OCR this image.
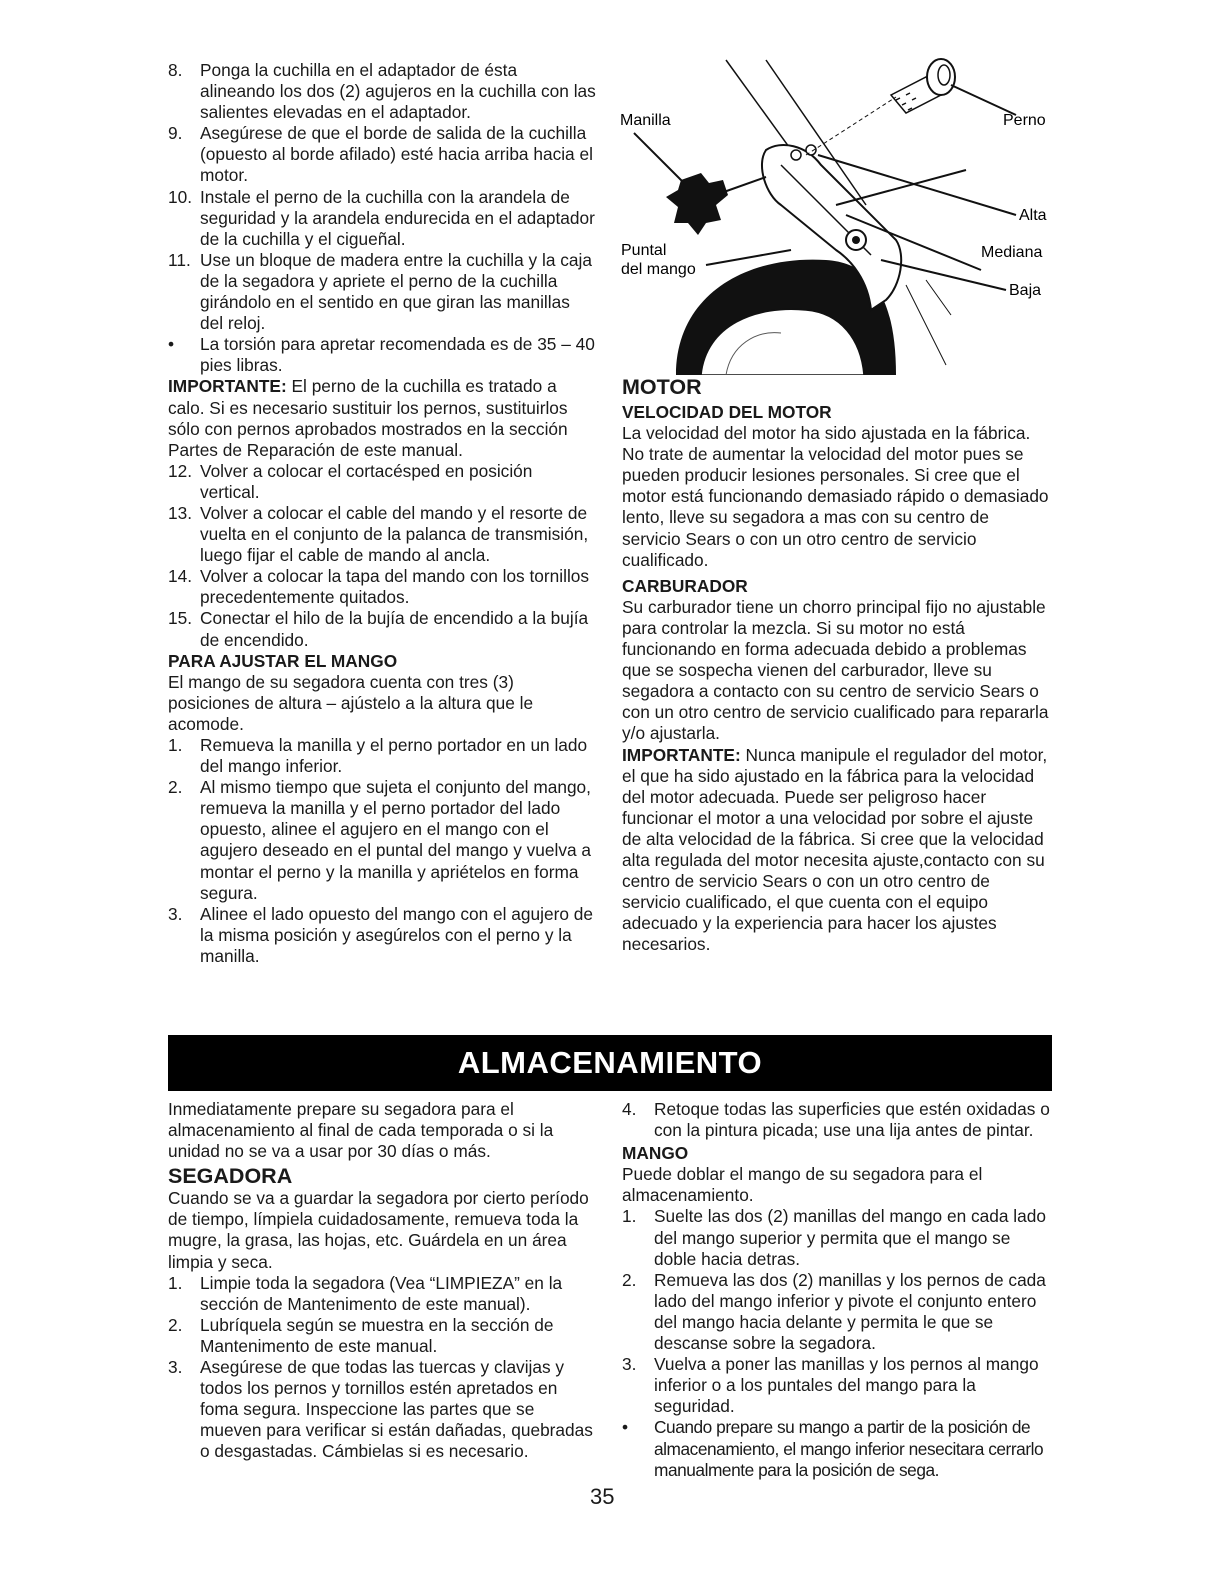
8. Ponga la cuchilla en el adaptador de ésta alineando los dos (2) agujeros en la cuchilla con las salientes elevadas en el adaptador.

9. Asegúrese de que el borde de salida de la cuchilla (opuesto al borde afilado) esté hacia arriba hacia el motor.

10. Instale el perno de la cuchilla con la arandela de seguridad y la arandela endurecida en el adaptador de la cuchilla y el cigueñal.

11. Use un bloque de madera entre la cuchilla y la caja de la segadora y apriete el perno de la cuchilla girándolo en el sentido en que giran las manillas del reloj.

• La torsión para apretar recomendada es de 35 – 40 pies libras.

IMPORTANTE: El perno de la cuchilla es tratado a calo. Si es necesario sustituir los pernos, sustituirlos sólo con pernos aprobados mostrados en la sección Partes de Reparación de este manual.

12. Volver a colocar el cortacésped en posición vertical.

13. Volver a colocar el cable del mando y el resorte de vuelta en el conjunto de la palanca de transmisión, luego fijar el cable de mando al ancla.

14. Volver a colocar la tapa del mando con los tornillos precedentemente quitados.

15. Conectar el hilo de la bujía de encendido a la bujía de encendido.

PARA AJUSTAR EL MANGO

El mango de su segadora cuenta con tres (3) posiciones de altura – ajústelo a la altura que le acomode.

1. Remueva la manilla y el perno portador en un lado del mango inferior.

2. Al mismo tiempo que sujeta el conjunto del mango, remueva la manilla y el perno portador del lado opuesto, alinee el agujero en el mango con el agujero deseado en el puntal del mango y vuelva a montar el perno y la manilla y apriételos en forma segura.

3. Alinee el lado opuesto del mango con el agujero de la misma posición y asegúrelos con el perno y la manilla.

Manilla	Perno
Alta
Mediana
Baja
Puntal
del mango

MOTOR

VELOCIDAD DEL MOTOR

La velocidad del motor ha sido ajustada en la fábrica. No trate de aumentar la velocidad del motor pues se pueden producir lesiones personales. Si cree que el motor está funcionando demasiado rápido o demasiado lento, lleve su segadora a mas con su centro de servicio Sears o con un otro centro de servicio cualificado.

CARBURADOR

Su carburador tiene un chorro principal fijo no ajustable para controlar la mezcla. Si su motor no está funcionando en forma adecuada debido a problemas que se sospecha vienen del carburador, lleve su segadora a contacto con su centro de servicio Sears o con un otro centro de servicio cualificado para repararla y/o ajustarla.

IMPORTANTE: Nunca manipule el regulador del motor, el que ha sido ajustado en la fábrica para la velocidad del motor adecuada. Puede ser peligroso hacer funcionar el motor a una velocidad por sobre el ajuste de alta velocidad de la fábrica. Si cree que la velocidad alta regulada del motor necesita ajuste,contacto con su centro de servicio Sears o con un otro centro de servicio cualificado, el que cuenta con el equipo adecuado y la experiencia para hacer los ajustes necesarios.

ALMACENAMIENTO

Inmediatamente prepare su segadora para el almacenamiento al final de cada temporada o si la unidad no se va a usar por 30 días o más.

SEGADORA

Cuando se va a guardar la segadora por cierto período de tiempo, límpiela cuidadosamente, remueva toda la mugre, la grasa, las hojas, etc. Guárdela en un área limpia y seca.

1. Limpie toda la segadora (Vea “LIMPIEZA” en la sección de Mantenimento de este manual).

2. Lubríquela según se muestra en la sección de Mantenimento de este manual.

3. Asegúrese de que todas las tuercas y clavijas y todos los pernos y tornillos estén apretados en foma segura. Inspeccione las partes que se mueven para verificar si están dañadas, quebradas o desgastadas. Cámbielas si es necesario.

4. Retoque todas las superficies que estén oxidadas o con la pintura picada; use una lija antes de pintar.

MANGO

Puede doblar el mango de su segadora para el almacenamiento.

1. Suelte las dos (2) manillas del mango en cada lado del mango superior y permita que el mango se doble hacia detras.

2. Remueva las dos (2) manillas y los pernos de cada lado del mango inferior y pivote el conjunto entero del mango hacia delante y permita le que se descanse sobre la segadora.

3. Vuelva a poner las manillas y los pernos al mango inferior o a los puntales del mango para la seguridad.

• Cuando prepare su mango a partir de la posición de almacenamiento, el mango inferior nesecitara cerrarlo manualmente para la posición de sega.

35
